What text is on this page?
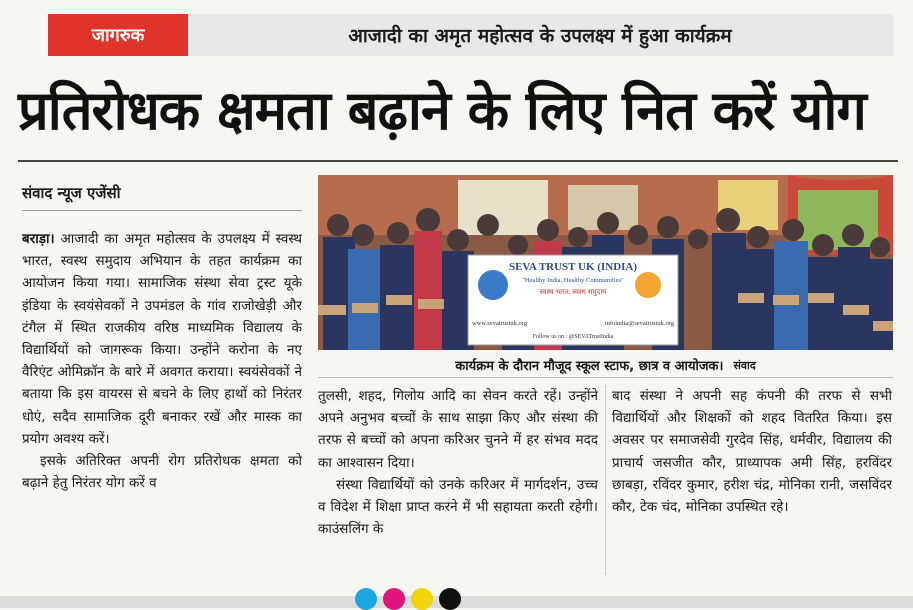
जागरुक	आजादी का अमृत महोत्सव के उपलक्ष्य में हुआ कार्यक्रम
प्रतिरोधक क्षमता बढ़ाने के लिए नित करें योग
संवाद न्यूज एजेंसी

बराड़ा। आजादी का अमृत महोत्सव के उपलक्ष्य में स्वस्थ भारत, स्वस्थ समुदाय अभियान के तहत कार्यक्रम का आयोजन किया गया। सामाजिक संस्था सेवा ट्रस्ट यूके इंडिया के स्वयंसेवकों ने उपमंडल के गांव राजोखेड़ी और टंगैल में स्थित राजकीय वरिष्ठ माध्यमिक विद्यालय के विद्यार्थियों को जागरूक किया। उन्होंने करोना के नए वैरिएंट ओमिक्रॉन के बारे में अवगत कराया। स्वयंसेवकों ने बताया कि इस वायरस से बचने के लिए हाथों को निरंतर धोएं, सदैव सामाजिक दूरी बनाकर रखें और मास्क का प्रयोग अवश्य करें।

इसके अतिरिक्त अपनी रोग प्रतिरोधक क्षमता को बढ़ाने हेतु निरंतर योग करें व

SEVA TRUST UK (INDIA)
"Healthy India, Healthy Communities"
स्वस्थ भारत, स्वस्थ समुदाय
www.sevatrustuk.org	infoindia@sevatrustuk.org
Follow us on : @SEVATrustIndia
कार्यक्रम के दौरान मौजूद स्कूल स्टाफ, छात्र व आयोजक। संवाद

तुलसी, शहद, गिलोय आदि का सेवन करते रहें। उन्होंने अपने अनुभव बच्चों के साथ साझा किए और संस्था की तरफ से बच्चों को अपना करिअर चुनने में हर संभव मदद का आश्वासन दिया।

संस्था विद्यार्थियों को उनके करिअर में मार्गदर्शन, उच्च व विदेश में शिक्षा प्राप्त करने में भी सहायता करती रहेगी। काउंसलिंग के

बाद संस्था ने अपनी सह कंपनी की तरफ से सभी विद्यार्थियों और शिक्षकों को शहद वितरित किया। इस अवसर पर समाजसेवी गुरदेव सिंह, धर्मवीर, विद्यालय की प्राचार्य जसजीत कौर, प्राध्यापक अमी सिंह, हरविंदर छाबड़ा, रविंदर कुमार, हरीश चंद्र, मोनिका रानी, जसविंदर कौर, टेक चंद, मोनिका उपस्थित रहे।
